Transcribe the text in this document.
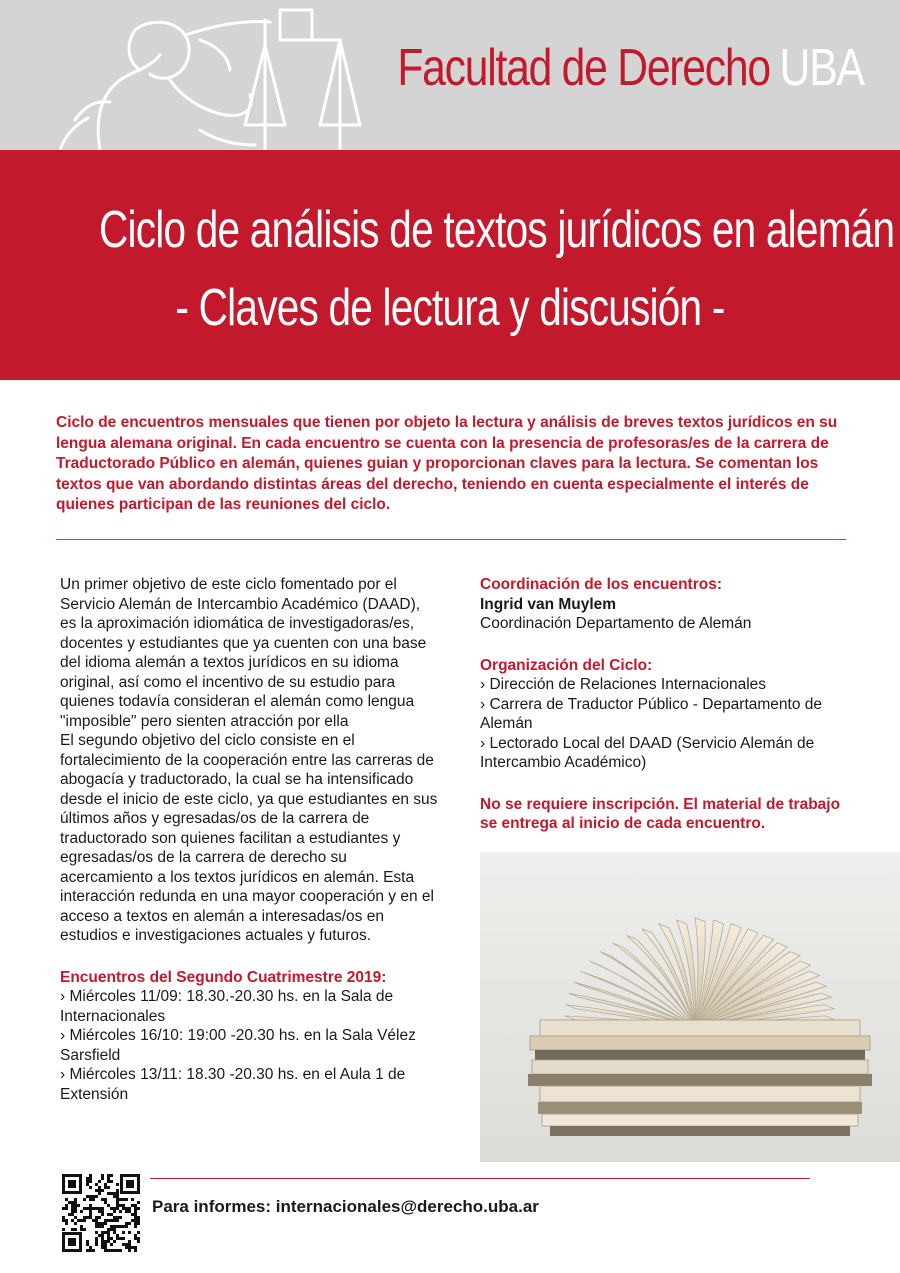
Facultad de Derecho UBA
Ciclo de análisis de textos jurídicos en alemán
- Claves de lectura y discusión -

Ciclo de encuentros mensuales que tienen por objeto la lectura y análisis de breves textos jurídicos en su lengua alemana original. En cada encuentro se cuenta con la presencia de profesoras/es de la carrera de Traductorado Público en alemán, quienes guian y proporcionan claves para la lectura. Se comentan los textos que van abordando distintas áreas del derecho, teniendo en cuenta especialmente el interés de quienes participan de las reuniones del ciclo.

Un primer objetivo de este ciclo fomentado por el Servicio Alemán de Intercambio Académico (DAAD), es la aproximación idiomática de investigadoras/es, docentes y estudiantes que ya cuenten con una base del idioma alemán a textos jurídicos en su idioma original, así como el incentivo de su estudio para quienes todavía consideran el alemán como lengua "imposible" pero sienten atracción por ella

El segundo objetivo del ciclo consiste en el fortalecimiento de la cooperación entre las carreras de abogacía y traductorado, la cual se ha intensificado desde el inicio de este ciclo, ya que estudiantes en sus últimos años y egresadas/os de la carrera de traductorado son quienes facilitan a estudiantes y egresadas/os de la carrera de derecho su acercamiento a los textos jurídicos en alemán. Esta interacción redunda en una mayor cooperación y en el acceso a textos en alemán a interesadas/os en estudios e investigaciones actuales y futuros.

Encuentros del Segundo Cuatrimestre 2019:

› Miércoles 11/09: 18.30.-20.30 hs. en la Sala de Internacionales

› Miércoles 16/10: 19:00 -20.30 hs. en la Sala Vélez Sarsfield

› Miércoles 13/11: 18.30 -20.30 hs. en el Aula 1 de Extensión

Coordinación de los encuentros:

Ingrid van Muylem

Coordinación Departamento de Alemán

Organización del Ciclo:

› Dirección de Relaciones Internacionales

› Carrera de Traductor Público - Departamento de Alemán

› Lectorado Local del DAAD (Servicio Alemán de Intercambio Académico)

No se requiere inscripción. El material de trabajo se entrega al inicio de cada encuentro.

Para informes: internacionales@derecho.uba.ar
